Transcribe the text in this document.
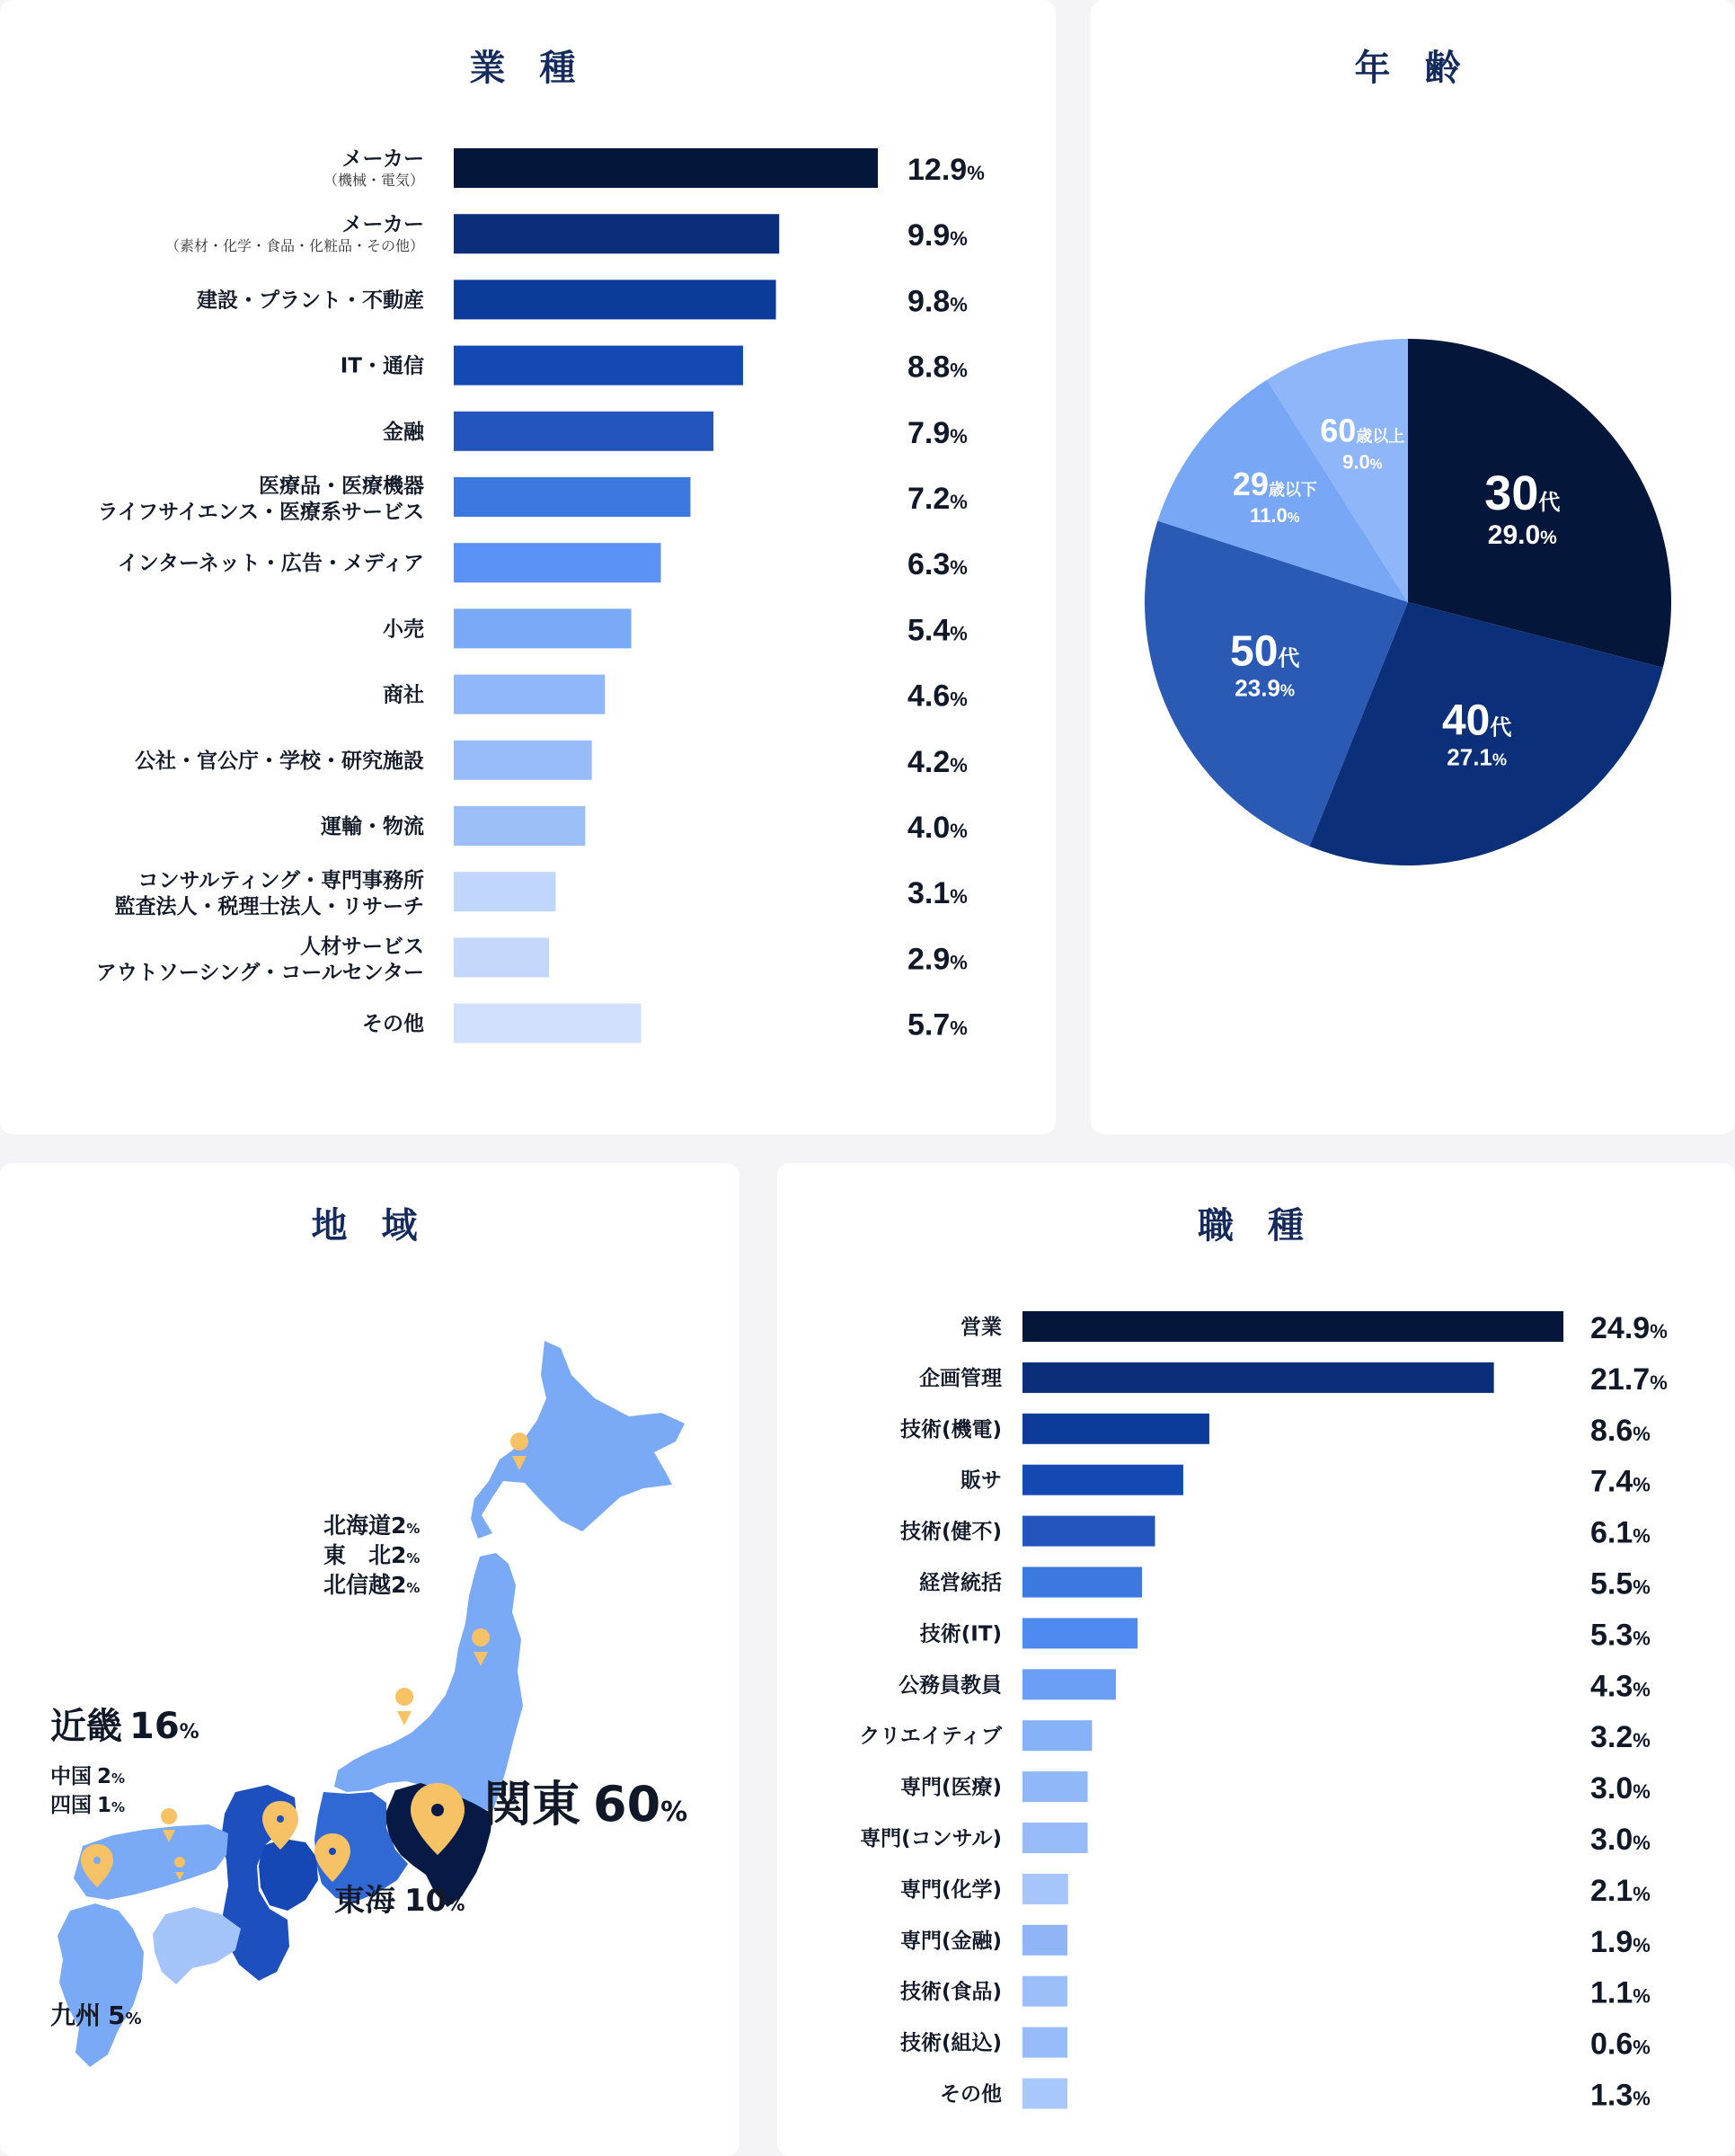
業 種
メーカー
（機械・電気）	12.9%
メーカー
（素材・化学・食品・化粧品・その他）	9.9%
建設・プラント・不動産	9.8%
IT・通信	8.8%
金融	7.9%
医療品・医療機器
ライフサイエンス・医療系サービス	7.2%
インターネット・広告・メディア	6.3%
小売	5.4%
商社	4.6%
公社・官公庁・学校・研究施設	4.2%
運輸・物流	4.0%
コンサルティング・専門事務所
監査法人・税理士法人・リサーチ	3.1%
人材サービス
アウトソーシング・コールセンター	2.9%
その他	5.7%
年 齢
30代
29.0%
40代
27.1%
50代
23.9%
29歳以下
11.0%
60歳以上
9.0%
地 域
北海道2%
東　北2%
北信越2%
近畿 16%
中国 2%
四国 1%	関東 60%
東海 10%
九州 5%
職 種
営業	24.9%
企画管理	21.7%
技術(機電)	8.6%
販サ	7.4%
技術(健不)	6.1%
経営統括	5.5%
技術(IT)	5.3%
公務員教員	4.3%
クリエイティブ	3.2%
専門(医療)	3.0%
専門(コンサル)	3.0%
専門(化学)	2.1%
専門(金融)	1.9%
技術(食品)	1.1%
技術(組込)	0.6%
その他	1.3%
